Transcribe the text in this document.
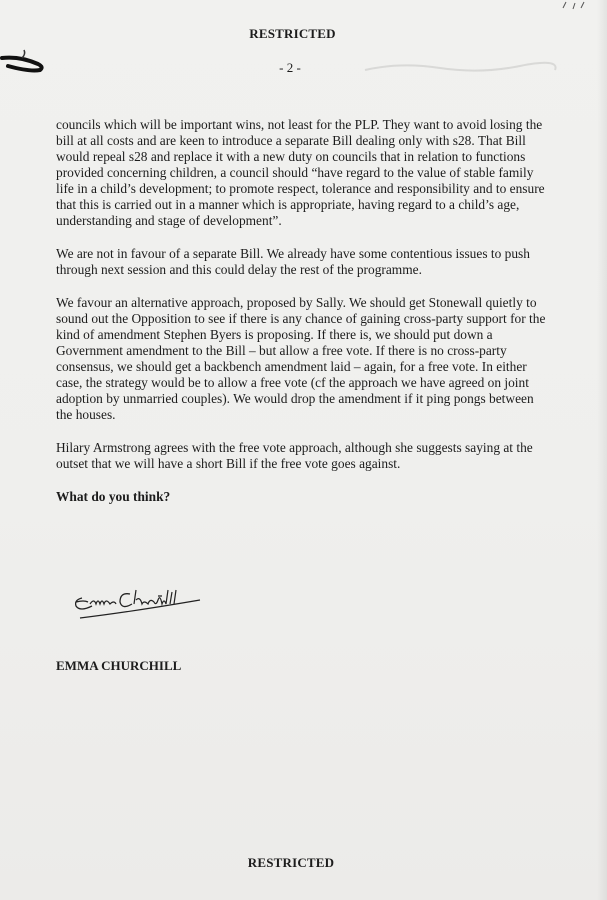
RESTRICTED
- 2 -

councils which will be important wins, not least for the PLP. They want to avoid losing the bill at all costs and are keen to introduce a separate Bill dealing only with s28. That Bill would repeal s28 and replace it with a new duty on councils that in relation to functions provided concerning children, a council should “have regard to the value of stable family life in a child’s development; to promote respect, tolerance and responsibility and to ensure that this is carried out in a manner which is appropriate, having regard to a child’s age, understanding and stage of development”.

We are not in favour of a separate Bill. We already have some contentious issues to push through next session and this could delay the rest of the programme.

We favour an alternative approach, proposed by Sally. We should get Stonewall quietly to sound out the Opposition to see if there is any chance of gaining cross-party support for the kind of amendment Stephen Byers is proposing. If there is, we should put down a Government amendment to the Bill – but allow a free vote. If there is no cross-party consensus, we should get a backbench amendment laid – again, for a free vote. In either case, the strategy would be to allow a free vote (cf the approach we have agreed on joint adoption by unmarried couples). We would drop the amendment if it ping pongs between the houses.

Hilary Armstrong agrees with the free vote approach, although she suggests saying at the outset that we will have a short Bill if the free vote goes against.

What do you think?

EMMA CHURCHILL
RESTRICTED
